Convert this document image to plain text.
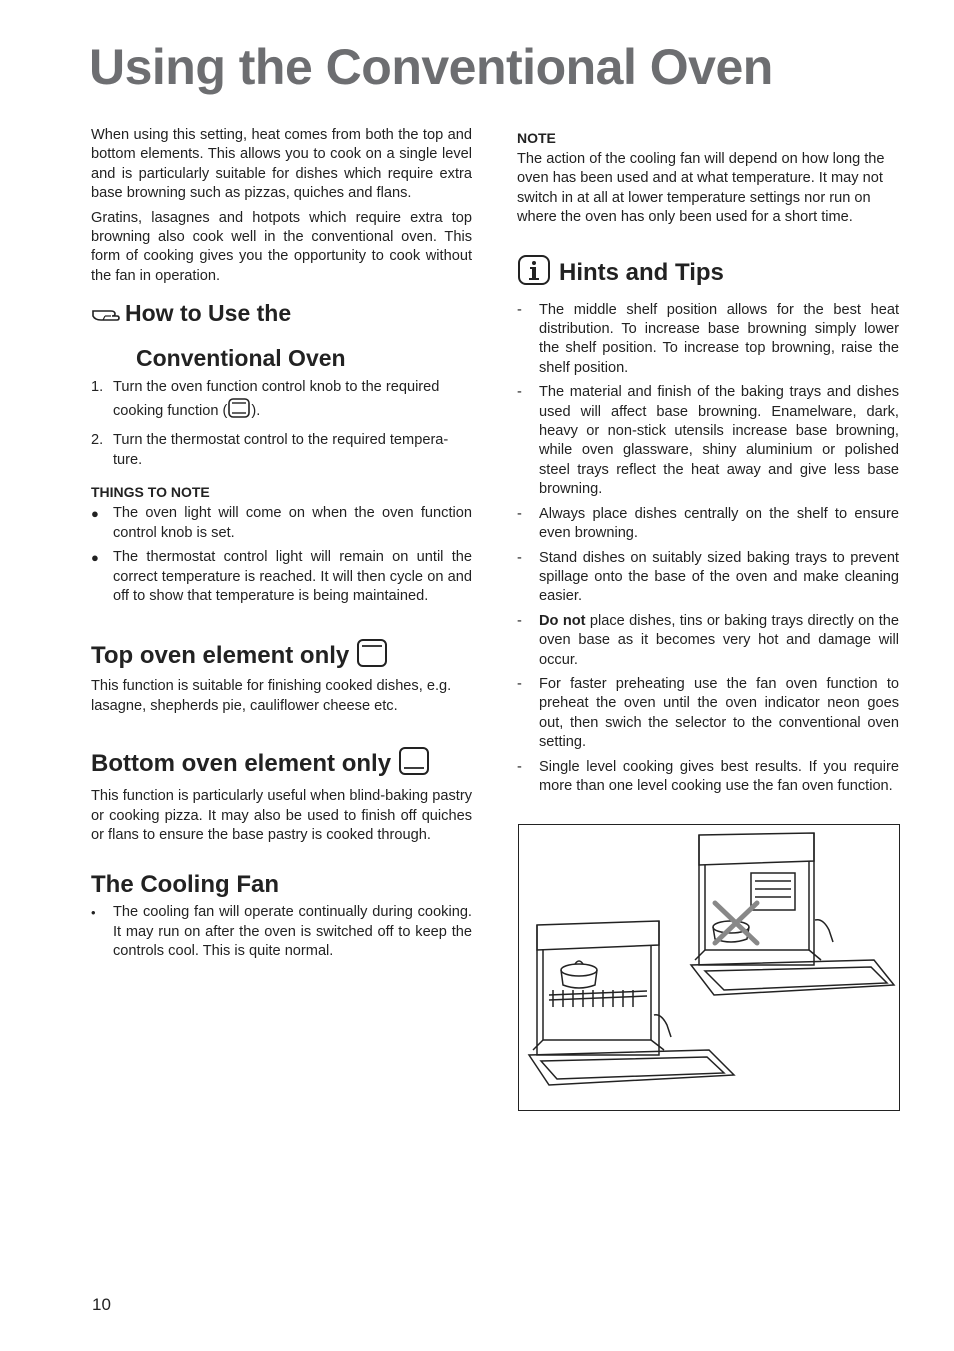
Using the Conventional Oven

When using this setting, heat comes from both the top and bottom elements. This allows you to cook on a single level and is particularly suitable for dishes which require extra base browning such as pizzas, quiches and flans.

Gratins, lasagnes and hotpots which require extra top browning also cook well in the conventional oven. This form of cooking gives you the opportunity to cook without the fan in operation.

How to Use the
Conventional Oven
1. Turn the oven function control knob to the required cooking function ( ).
2. Turn the thermostat control to the required tempera- ture.

THINGS TO NOTE

● The oven light will come on when the oven function control knob is set.
● The thermostat control light will remain on until the correct temperature is reached. It will then cycle on and off to show that temperature is being maintained.
Top oven element only

This function is suitable for finishing cooked dishes, e.g. lasagne, shepherds pie, cauliflower cheese etc.

Bottom oven element only

This function is particularly useful when blind-baking pastry or cooking pizza. It may also be used to finish off quiches or flans to ensure the base pastry is cooked through.

The Cooling Fan
• The cooling fan will operate continually during cooking. It may run on after the oven is switched off to keep the controls cool. This is quite normal.

NOTE

The action of the cooling fan will depend on how long the oven has been used and at what temperature. It may not switch in at all at lower temperature settings nor run on where the oven has only been used for a short time.

Hints and Tips
- The middle shelf position allows for the best heat distribution. To increase base browning simply lower the shelf position. To increase top browning, raise the shelf position.
- The material and finish of the baking trays and dishes used will affect base browning. Enamelware, dark, heavy or non-stick utensils increase base browning, while oven glassware, shiny aluminium or polished steel trays reflect the heat away and give less base browning.
- Always place dishes centrally on the shelf to ensure even browning.
- Stand dishes on suitably sized baking trays to prevent spillage onto the base of the oven and make cleaning easier.
- Do not place dishes, tins or baking trays directly on the oven base as it becomes very hot and damage will occur.
- For faster preheating use the fan oven function to preheat the oven until the oven indicator neon goes out, then swich the selector to the conventional oven setting.
- Single level cooking gives best results. If you require more than one level cooking use the fan oven function.
10
